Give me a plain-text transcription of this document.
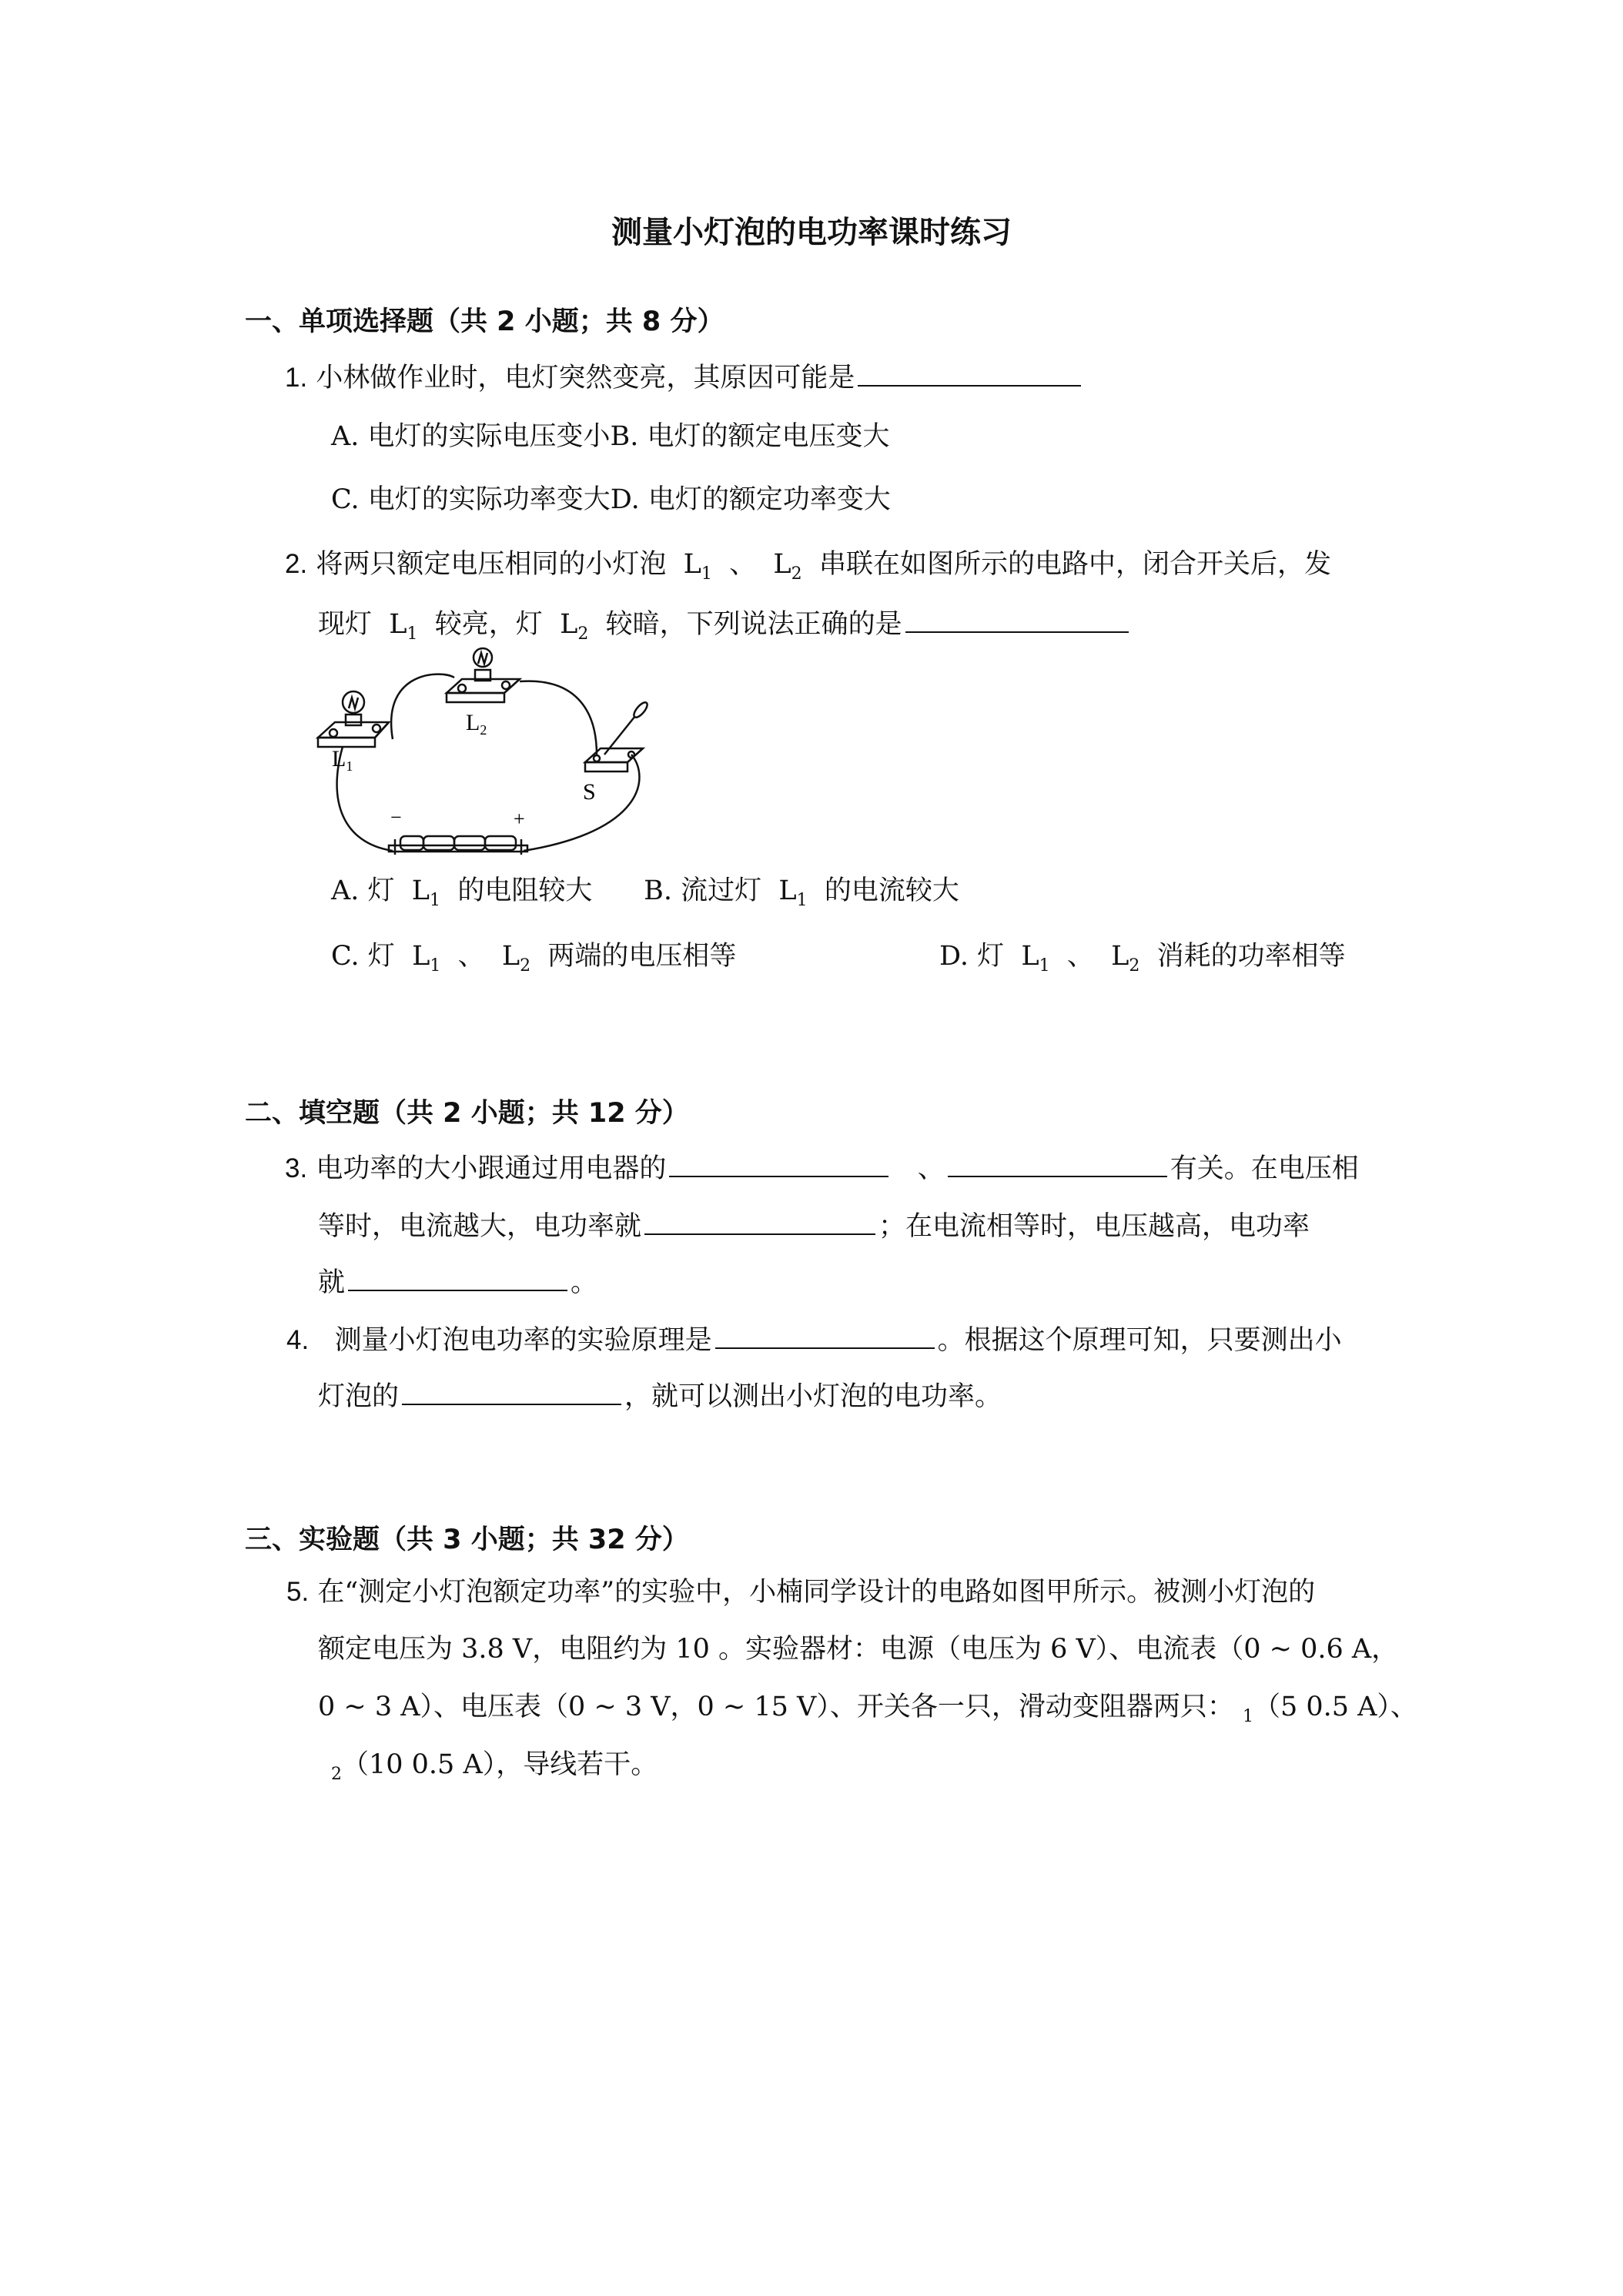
测量小灯泡的电功率课时练习
一、单项选择题（共 2 小题；共 8 分）
1. 小林做作业时，电灯突然变亮，其原因可能是
A. 电灯的实际电压变小B. 电灯的额定电压变大
C. 电灯的实际功率变大D. 电灯的额定功率变大
2. 将两只额定电压相同的小灯泡 $L_1$ 、 $L_2$ 串联在如图所示的电路中，闭合开关后，发
现灯 $L_1$ 较亮，灯 $L_2$ 较暗，下列说法正确的是
$L_1$
$L_2$
S
−	+
A. 灯 $L_1$ 的电阻较大 B. 流过灯 $L_1$ 的电流较大
C. 灯 $L_1$ 、 $L_2$ 两端的电压相等	D. 灯 $L_1$ 、 $L_2$ 消耗的功率相等
二、填空题（共 2 小题；共 12 分）
3. 电功率的大小跟通过用电器的	、	有关。在电压相
等时，电流越大，电功率就	；在电流相等时，电压越高，电功率
就	。
4. 测量小灯泡电功率的实验原理是	。根据这个原理可知，只要测出小
灯泡的	，就可以测出小灯泡的电功率。
三、实验题（共 3 小题；共 32 分）
5. 在“测定小灯泡额定功率”的实验中，小楠同学设计的电路如图甲所示。被测小灯泡的
额定电压为 3.8 V，电阻约为 10 。实验器材：电源（电压为 6 V）、电流表（0 ~ 0.6 A，
0 ~ 3 A）、电压表（0 ~ 3 V，0 ~ 15 V）、开关各一只，滑动变阻器两只： $_1$（5 0.5 A）、
$_2$（10 0.5 A），导线若干。
